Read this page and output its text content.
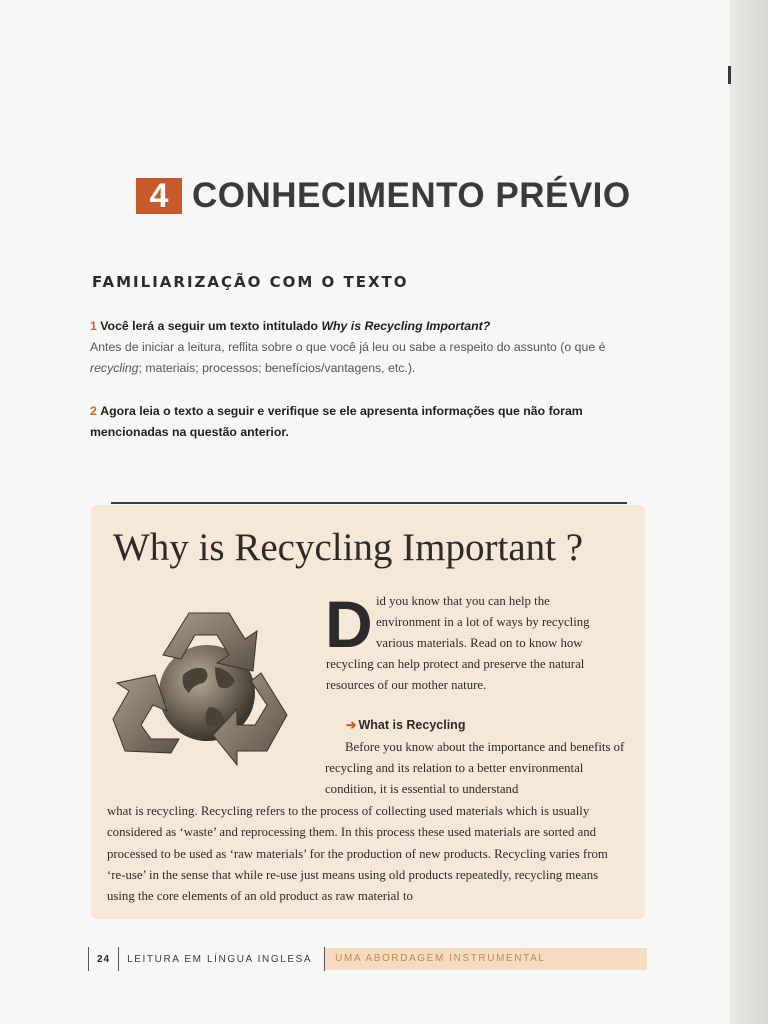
4 CONHECIMENTO PRÉVIO
FAMILIARIZAÇÃO COM O TEXTO
1 Você lerá a seguir um texto intitulado Why is Recycling Important?
Antes de iniciar a leitura, reflita sobre o que você já leu ou sabe a respeito do assunto (o que é recycling; materiais; processos; benefícios/vantagens, etc.).
2 Agora leia o texto a seguir e verifique se ele apresenta informações que não foram mencionadas na questão anterior.
Why is Recycling Important ?
D id you know that you can help the
environment in a lot of ways by recycling
various materials. Read on to know how
recycling can help protect and preserve the natural resources of our mother nature.
➔ What is Recycling
Before you know about the importance and benefits of recycling and its relation to a better environmental condition, it is essential to understand
what is recycling. Recycling refers to the process of collecting used materials which is usually considered as ‘waste’ and reprocessing them. In this process these used materials are sorted and processed to be used as ‘raw materials’ for the production of new products. Recycling varies from ‘re-use’ in the sense that while re-use just means using old products repeatedly, recycling means using the core elements of an old product as raw material to
24 LEITURA EM LÍNGUA INGLESA	UMA ABORDAGEM INSTRUMENTAL
